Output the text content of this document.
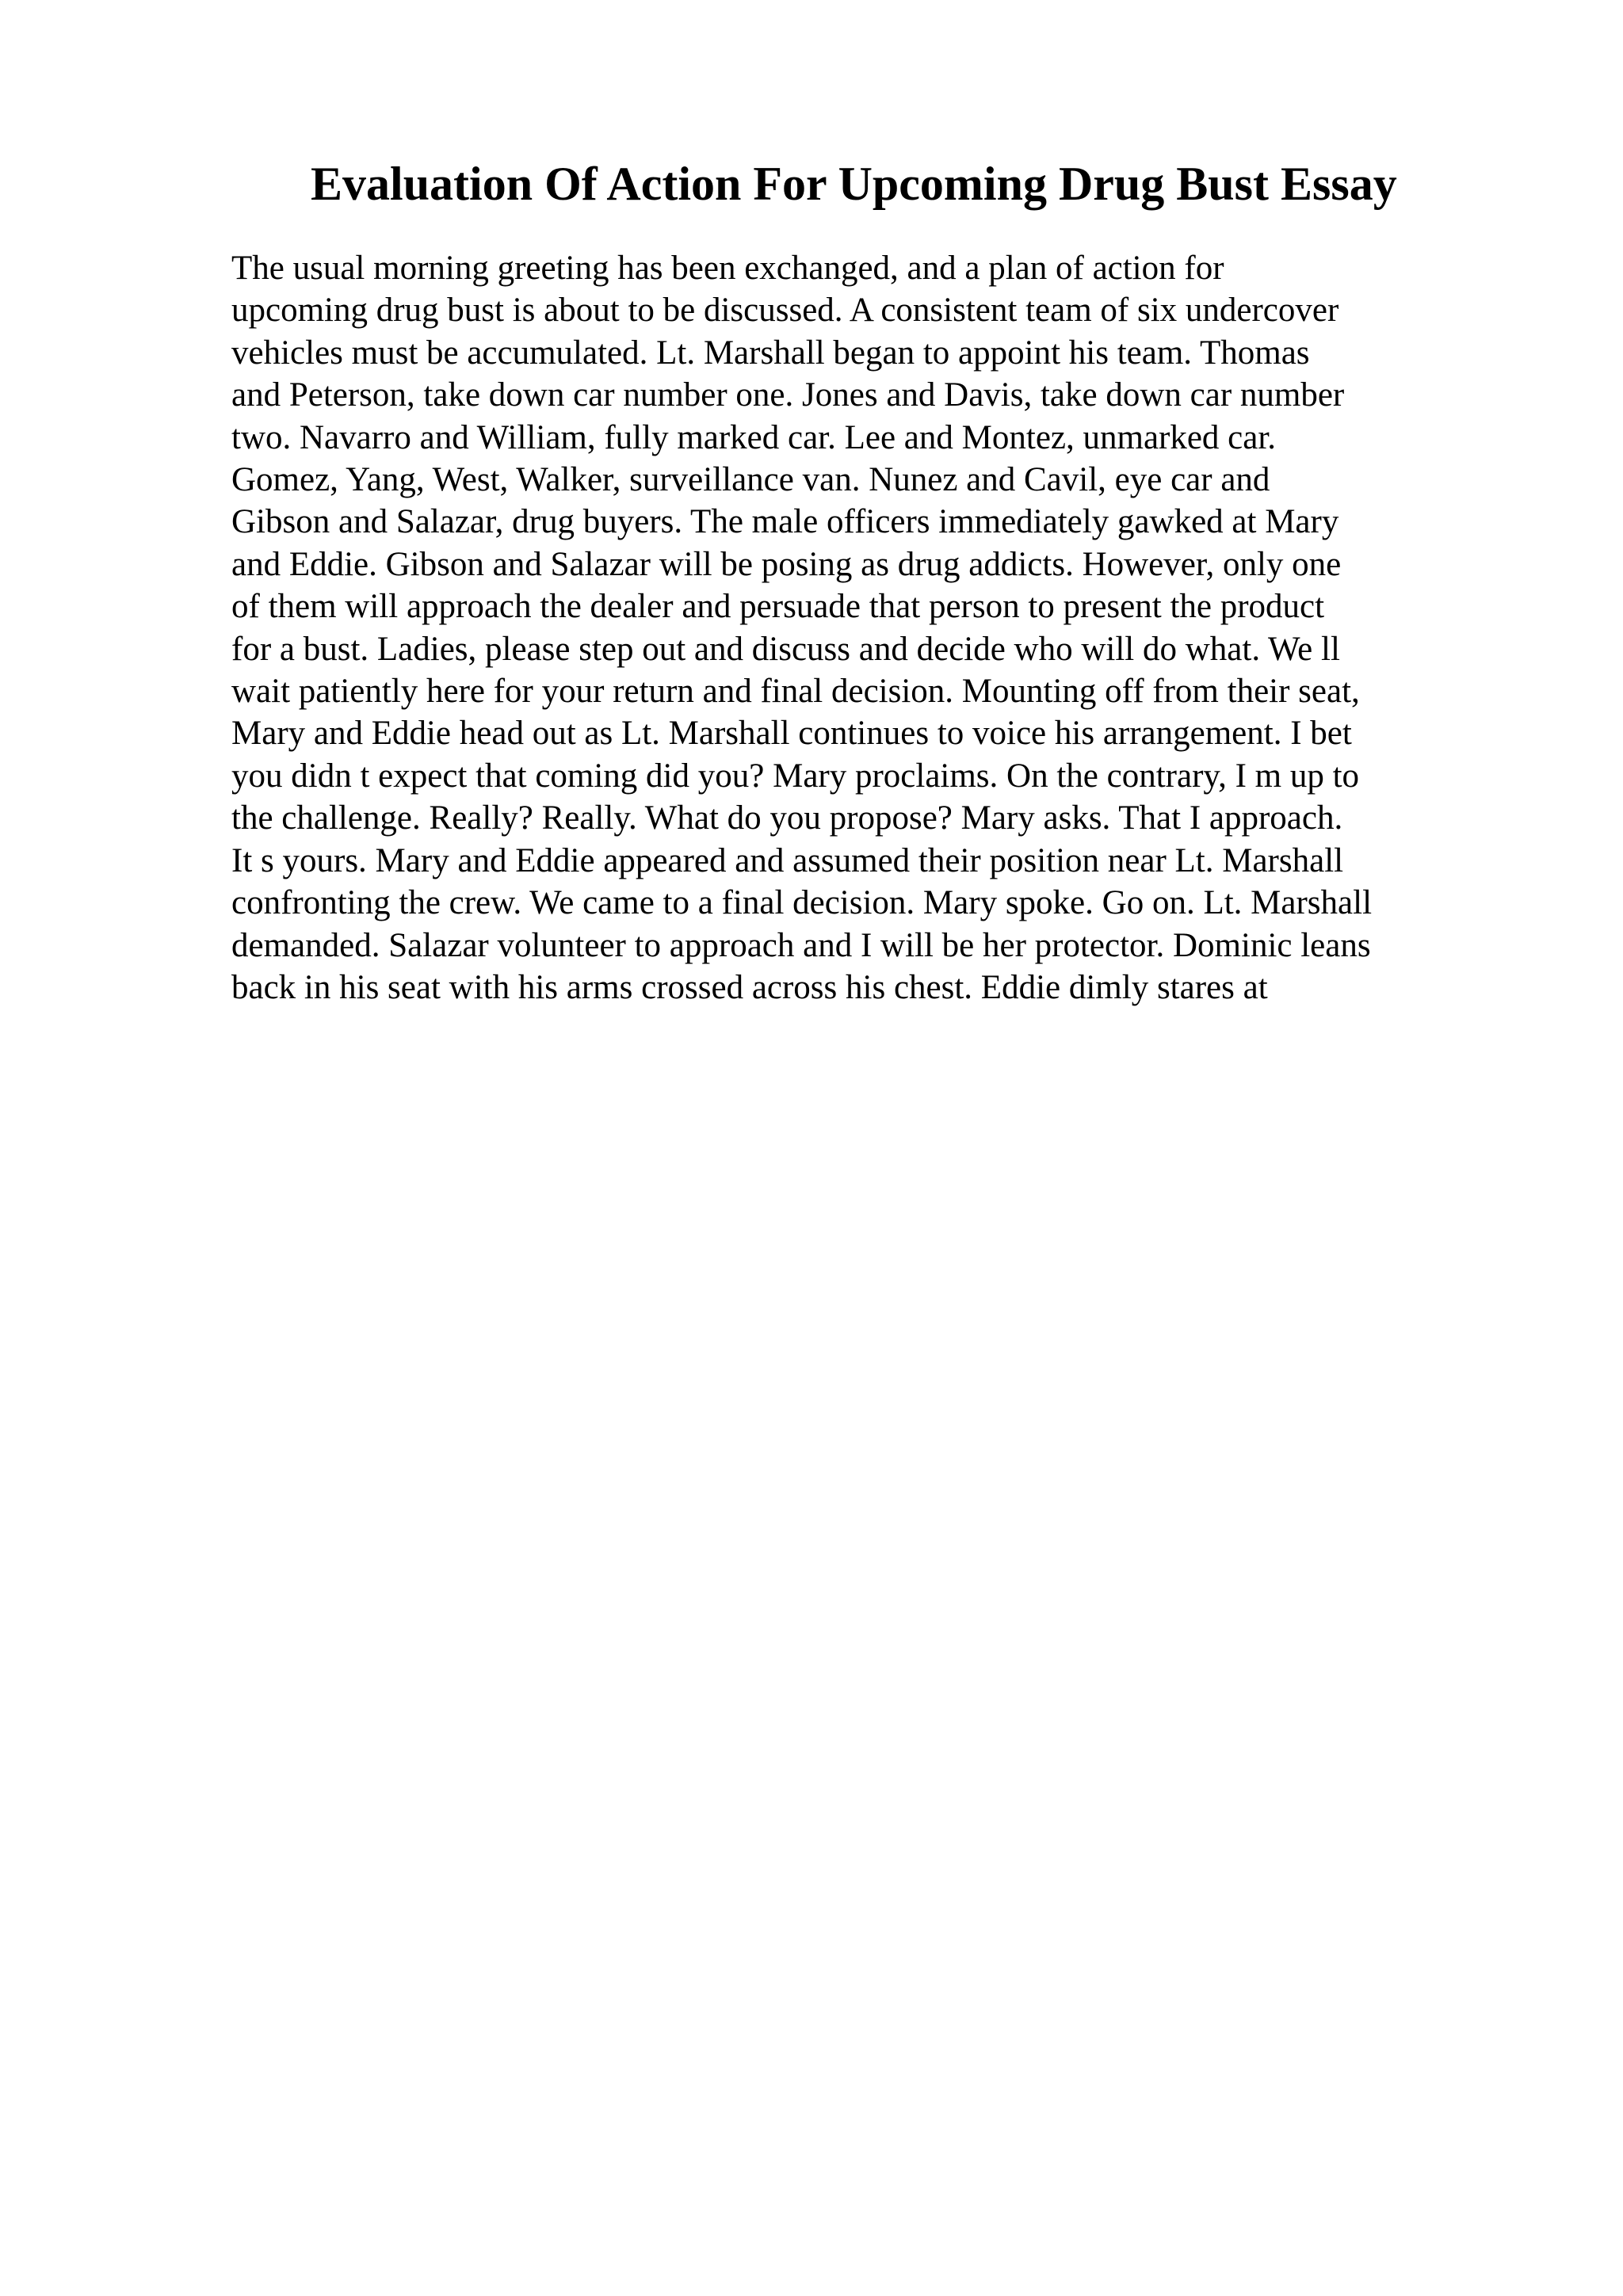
Evaluation Of Action For Upcoming Drug Bust Essay
The usual morning greeting has been exchanged, and a plan of action for
upcoming drug bust is about to be discussed. A consistent team of six undercover
vehicles must be accumulated. Lt. Marshall began to appoint his team. Thomas
and Peterson, take down car number one. Jones and Davis, take down car number
two. Navarro and William, fully marked car. Lee and Montez, unmarked car.
Gomez, Yang, West, Walker, surveillance van. Nunez and Cavil, eye car and
Gibson and Salazar, drug buyers. The male officers immediately gawked at Mary
and Eddie. Gibson and Salazar will be posing as drug addicts. However, only one
of them will approach the dealer and persuade that person to present the product
for a bust. Ladies, please step out and discuss and decide who will do what. We ll
wait patiently here for your return and final decision. Mounting off from their seat,
Mary and Eddie head out as Lt. Marshall continues to voice his arrangement. I bet
you didn t expect that coming did you? Mary proclaims. On the contrary, I m up to
the challenge. Really? Really. What do you propose? Mary asks. That I approach.
It s yours. Mary and Eddie appeared and assumed their position near Lt. Marshall
confronting the crew. We came to a final decision. Mary spoke. Go on. Lt. Marshall
demanded. Salazar volunteer to approach and I will be her protector. Dominic leans
back in his seat with his arms crossed across his chest. Eddie dimly stares at
